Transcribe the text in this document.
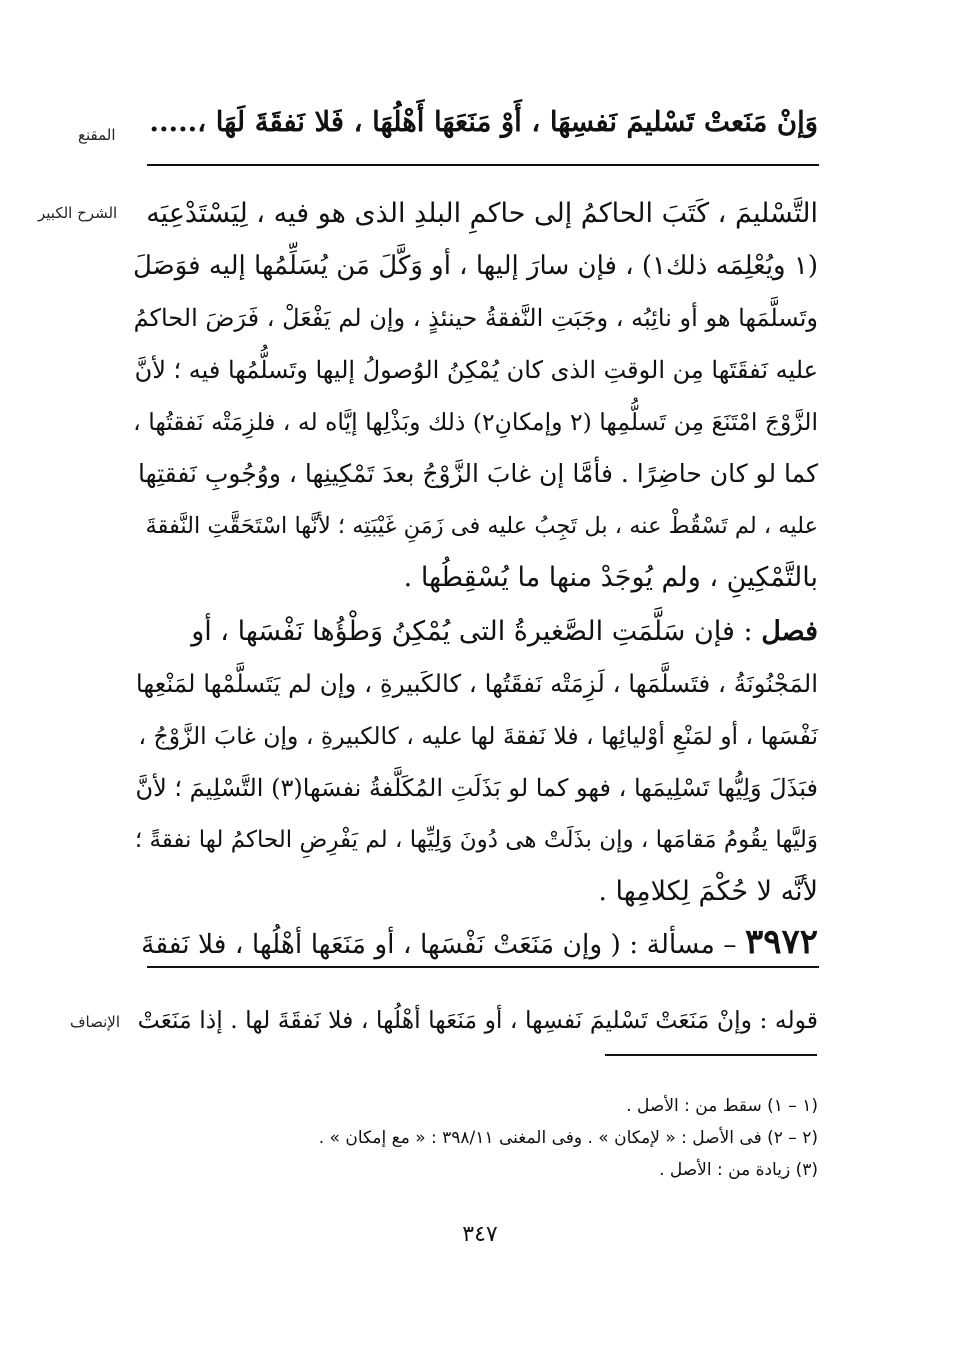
المقنع
الشرح الكبير
الإنصاف
وَإنْ مَنَعتْ تَسْليمَ نَفسِهَا ، أَوْ مَنَعَهَا أَهْلُهَا ، فَلا نَفقَةَ لَهَا ،.....
التَّسْليمَ ، كَتَبَ الحاكمُ إلى حاكمِ البلدِ الذى هو فيه ، لِيَسْتَدْعِيَه
(١ ويُعْلِمَه ذلك١) ، فإن سارَ إليها ، أو وَكَّلَ مَن يُسَلِّمُها إليه فوَصَلَ
وتَسلَّمَها هو أو نائِبُه ، وجَبَتِ النَّفقةُ حينئذٍ ، وإن لم يَفْعَلْ ، فَرَضَ الحاكمُ
عليه نَفقَتَها مِن الوقتِ الذى كان يُمْكِنُ الوُصولُ إليها وتَسلُّمُها فيه ؛ لأنَّ
الزَّوْجَ امْتَنَعَ مِن تَسلُّمِها (٢ وإمكانِ٢) ذلك وبَذْلِها إيَّاه له ، فلزِمَتْه نَفقتُها ،
كما لو كان حاضِرًا . فأمَّا إن غابَ الزَّوْجُ بعدَ تَمْكِينِها ، ووُجُوبِ نَفقتِها
عليه ، لم تَسْقُطْ عنه ، بل تَجِبُ عليه فى زَمَنِ غَيْبَتِه ؛ لأنَّها اسْتَحَقَّتِ النَّفقةَ
بالتَّمْكِينِ ، ولم يُوجَدْ منها ما يُسْقِطُها .
فصل : فإن سَلَّمَتِ الصَّغيرةُ التى يُمْكِنُ وَطْؤُها نَفْسَها ، أو
المَجْنُونَةُ ، فتَسلَّمَها ، لَزِمَتْه نَفقَتُها ، كالكَبيرةِ ، وإن لم يَتَسلَّمْها لمَنْعِها
نَفْسَها ، أو لمَنْعِ أوْليائِها ، فلا نَفقةَ لها عليه ، كالكبيرةِ ، وإن غابَ الزَّوْجُ ،
فبَذَلَ وَلِيُّها تَسْلِيمَها ، فهو كما لو بَذَلَتِ المُكَلَّفةُ نفسَها(٣) التَّسْلِيمَ ؛ لأنَّ
وَليَّها يقُومُ مَقامَها ، وإن بذَلَتْ هى دُونَ وَلِيِّها ، لم يَفْرِضِ الحاكمُ لها نفقةً ؛
لأنَّه لا حُكْمَ لِكلامِها .
٣٩٧٢ – مسألة : ( وإن مَنَعَتْ نَفْسَها ، أو مَنَعَها أهْلُها ، فلا نَفقةَ
قوله : وإنْ مَنَعَتْ تَسْليمَ نَفسِها ، أو مَنَعَها أهْلُها ، فلا نَفقَةَ لها . إذا مَنَعَتْ
(١ – ١) سقط من : الأصل .
(٢ – ٢) فى الأصل : « لإمكان » . وفى المغنى ٣٩٨/١١ : « مع إمكان » .
(٣) زيادة من : الأصل .
٣٤٧
